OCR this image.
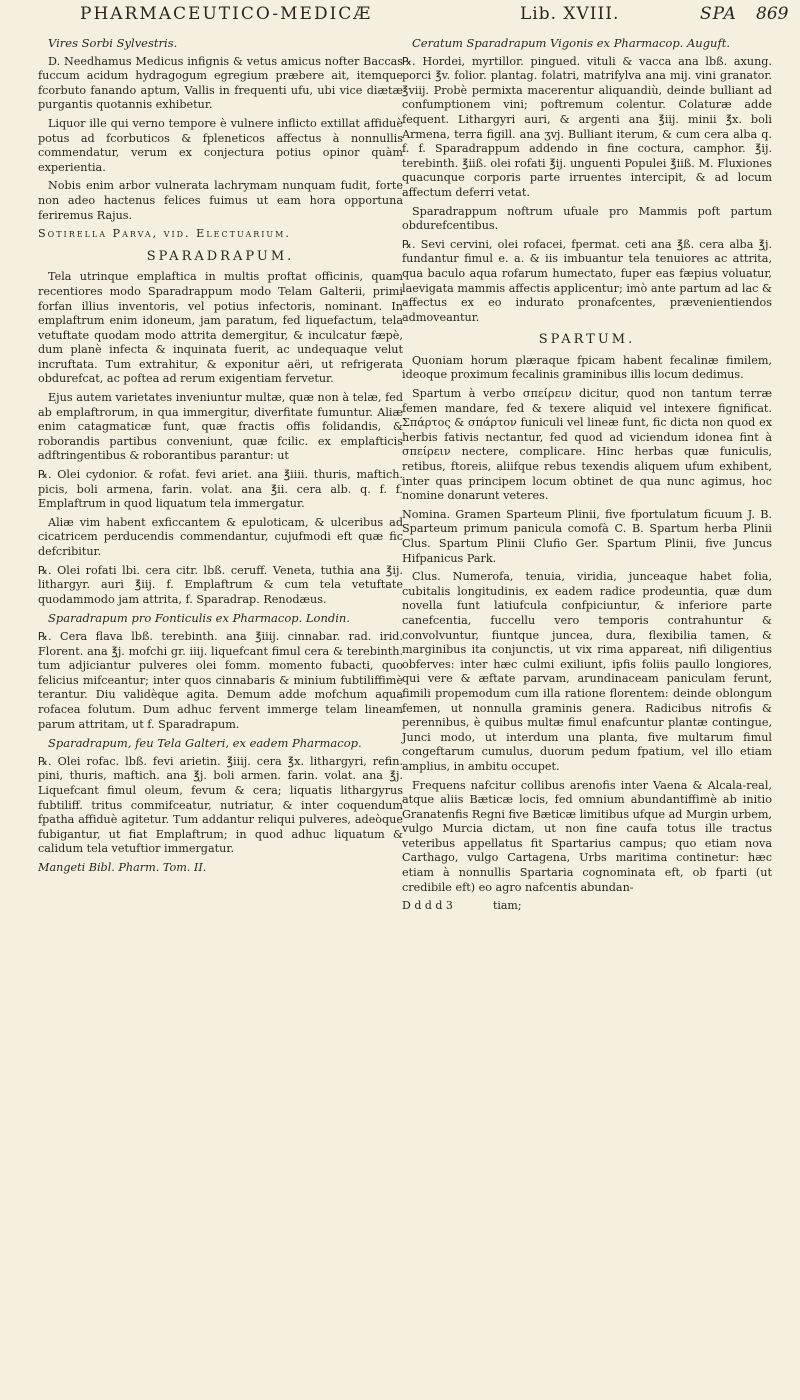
PHARMACEUTICO-MEDICÆ	Lib. XVIII.	SPA 869

Vires Sorbi Sylvestris.

D. Needhamus Medicus infignis & vetus amicus nofter Baccas fuccum acidum hydragogum egregium præbere ait, itemque fcorbuto fanando aptum, Vallis in frequenti ufu, ubi vice diætæ purgantis quotannis exhibetur.

Liquor ille qui verno tempore è vulnere inflicto extillat affiduè potus ad fcorbuticos & fpleneticos affectus à nonnullis commendatur, verum ex conjectura potius opinor quàm experientia.

Nobis enim arbor vulnerata lachrymam nunquam fudit, forte non adeo hactenus felices fuimus ut eam hora opportuna feriremus Rajus.

Sotirella Parva, vid. Electuarium.

SPARADRAPUM.

Tela utrinque emplaftica in multis proftat officinis, quam recentiores modo Sparadrappum modo Telam Galterii, primi forfan illius inventoris, vel potius infectoris, nominant. In emplaftrum enim idoneum, jam paratum, fed liquefactum, tela vetuftate quodam modo attrita demergitur, & inculcatur fæpè, dum planè infecta & inquinata fuerit, ac undequaque velut incruftata. Tum extrahitur, & exponitur aëri, ut refrigerata obdurefcat, ac poftea ad rerum exigentiam fervetur.

Ejus autem varietates inveniuntur multæ, quæ non à telæ, fed ab emplaftrorum, in qua immergitur, diverfitate fumuntur. Aliæ enim catagmaticæ funt, quæ fractis offis folidandis, & roborandis partibus conveniunt, quæ fcilic. ex emplafticis adftringentibus & roborantibus parantur: ut

℞. Olei cydonior. & rofat. fevi ariet. ana ℥iiii. thuris, maftich. picis, boli armena, farin. volat. ana ℥ii. cera alb. q. f. f. Emplaftrum in quod liquatum tela immergatur.

Aliæ vim habent exficcantem & epuloticam, & ulceribus ad cicatricem perducendis commendantur, cujufmodi eft quæ fic defcribitur.

℞. Olei rofati lbi. cera citr. lbß. ceruff. Veneta, tuthia ana ℥ij. lithargyr. auri ℥iij. f. Emplaftrum & cum tela vetuftate quodammodo jam attrita, f. Sparadrap. Renodæus.

Sparadrapum pro Fonticulis ex Pharmacop. Londin.

℞. Cera flava lbß. terebinth. ana ℥iiij. cinnabar. rad. irid. Florent. ana ℥j. mofchi gr. iiij. liquefcant fimul cera & terebinth. tum adjiciantur pulveres olei fomm. momento fubacti, quo felicius mifceantur; inter quos cinnabaris & minium fubtiliffimè terantur. Diu validèque agita. Demum adde mofchum aqua rofacea folutum. Dum adhuc fervent immerge telam lineam parum attritam, ut f. Sparadrapum.

Sparadrapum, feu Tela Galteri, ex eadem Pharmacop.

℞. Olei rofac. lbß. fevi arietin. ℥iiij. cera ℥x. lithargyri, refin. pini, thuris, maftich. ana ℥j. boli armen. farin. volat. ana ℥j. Liquefcant fimul oleum, fevum & cera; liquatis lithargyrus fubtiliff. tritus commifceatur, nutriatur, & inter coquendum fpatha affiduè agitetur. Tum addantur reliqui pulveres, adeòque fubigantur, ut fiat Emplaftrum; in quod adhuc liquatum & calidum tela vetuftior immergatur.

Mangeti Bibl. Pharm. Tom. II.

Ceratum Sparadrapum Vigonis ex Pharmacop. Auguft.

℞. Hordei, myrtillor. pingued. vituli & vacca ana lbß. axung. porci ℥v. folior. plantag. folatri, matrifylva ana mij. vini granator. ℥viij. Probè permixta macerentur aliquandiù, deinde bulliant ad confumptionem vini; poftremum colentur. Colaturæ adde fequent. Lithargyri auri, & argenti ana ℥iij. minii ℥x. boli Armena, terra figill. ana ʒvj. Bulliant iterum, & cum cera alba q. f. f. Sparadrappum addendo in fine coctura, camphor. ℥ij. terebinth. ℥iiß. olei rofati ℥ij. unguenti Populei ℥iiß. M. Fluxiones quacunque corporis parte irruentes intercipit, & ad locum affectum deferri vetat.

Sparadrappum noftrum ufuale pro Mammis poft partum obdurefcentibus.

℞. Sevi cervini, olei rofacei, fpermat. ceti ana ℥ß. cera alba ℥j. fundantur fimul e. a. & iis imbuantur tela tenuiores ac attrita, qua baculo aqua rofarum humectato, fuper eas fæpius voluatur, laevigata mammis affectis applicentur; imò ante partum ad lac & affectus ex eo indurato pronafcentes, prævenientiendos admoveantur.

SPARTUM.

Quoniam horum plæraque fpicam habent fecalinæ fimilem, ideoque proximum fecalinis graminibus illis locum dedimus.

Spartum à verbo σπείρειν dicitur, quod non tantum terræ femen mandare, fed & texere aliquid vel intexere fignificat. Σπάρτος & σπάρτον funiculi vel lineæ funt, fic dicta non quod ex herbis fativis nectantur, fed quod ad viciendum idonea fint à σπείρειν nectere, complicare. Hinc herbas quæ funiculis, retibus, ftoreis, aliifque rebus texendis aliquem ufum exhibent, inter quas principem locum obtinet de qua nunc agimus, hoc nomine donarunt veteres.

Nomina. Gramen Sparteum Plinii, five fportulatum ficuum J. B. Sparteum primum panicula comofà C. B. Spartum herba Plinii Clus. Spartum Plinii Clufio Ger. Spartum Plinii, five Juncus Hifpanicus Park.

Clus. Numerofa, tenuia, viridia, junceaque habet folia, cubitalis longitudinis, ex eadem radice prodeuntia, quæ dum novella funt latiufcula confpiciuntur, & inferiore parte canefcentia, fuccellu vero temporis contrahuntur & convolvuntur, fiuntque juncea, dura, flexibilia tamen, & marginibus ita conjunctis, ut vix rima appareat, nifi diligentius obferves: inter hæc culmi exiliunt, ipfis foliis paullo longiores, qui vere & æftate parvam, arundinaceam paniculam ferunt, fimili propemodum cum illa ratione florentem: deinde oblongum femen, ut nonnulla graminis genera. Radicibus nitrofis & perennibus, è quibus multæ fimul enafcuntur plantæ contingue, Junci modo, ut interdum una planta, five multarum fimul congeftarum cumulus, duorum pedum fpatium, vel illo etiam amplius, in ambitu occupet.

Frequens nafcitur collibus arenofis inter Vaena & Alcala-real, atque aliis Bæticæ locis, fed omnium abundantiffimè ab initio Granatenfis Regni five Bæticæ limitibus ufque ad Murgin urbem, vulgo Murcia dictam, ut non fine caufa totus ille tractus veteribus appellatus fit Spartarius campus; quo etiam nova Carthago, vulgo Cartagena, Urbs maritima continetur: hæc etiam à nonnullis Spartaria cognominata eft, ob fparti (ut credibile eft) eo agro nafcentis abundan-

D d d d 3	tiam;
